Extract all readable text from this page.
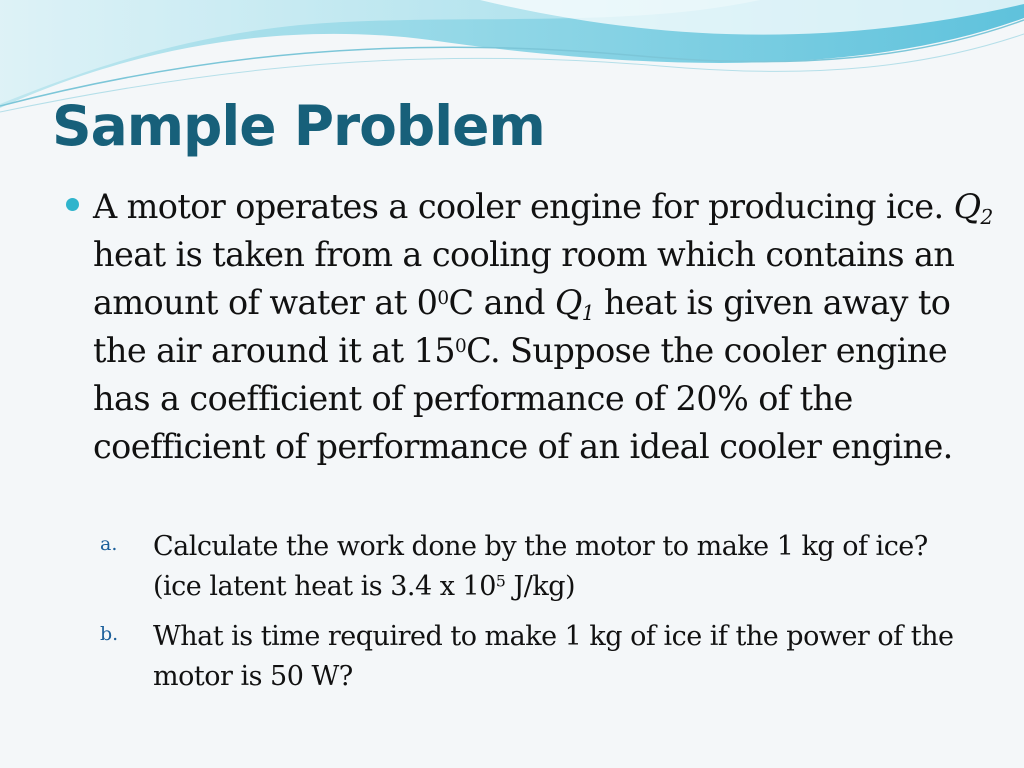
Sample Problem

A motor operates a cooler engine for producing ice. $Q_2$ heat is taken from a cooling room which contains an amount of water at $0^0C$ and $Q_1$ heat is given away to the air around it at $15^0C$. Suppose the cooler engine has a coefficient of performance of 20% of the coefficient of performance of an ideal cooler engine.

a. Calculate the work done by the motor to make 1 kg of ice? (ice latent heat is 3.4 x $10^5$ J/kg)

b. What is time required to make 1 kg of ice if the power of the motor is 50 W?
